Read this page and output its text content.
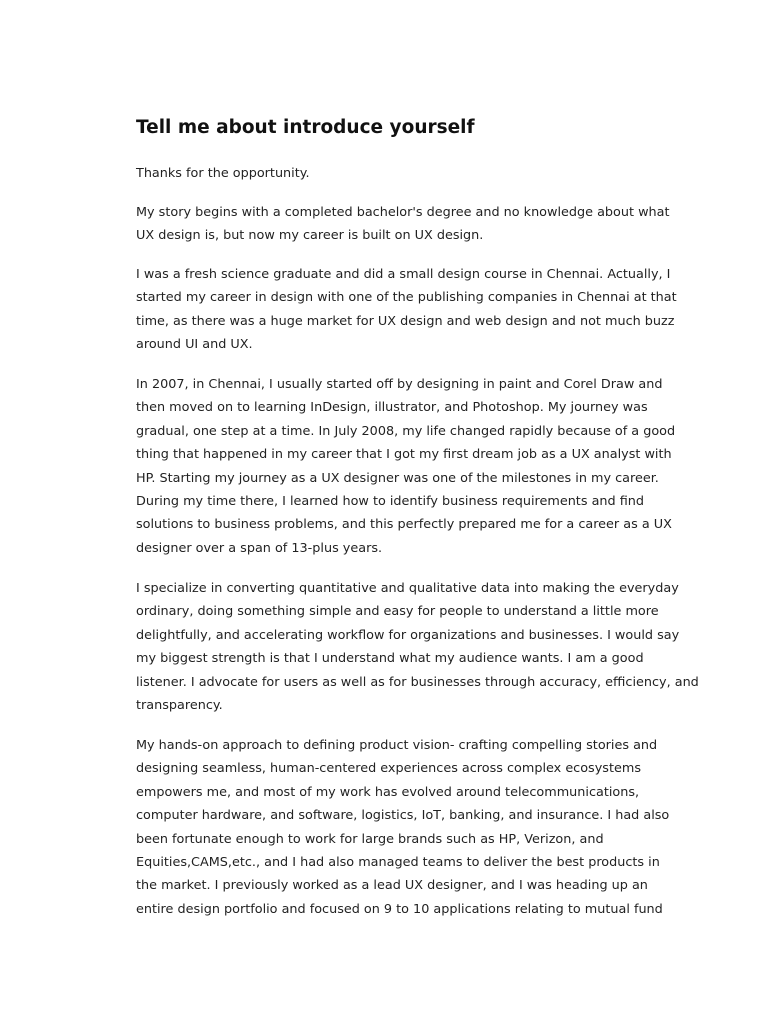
Tell me about introduce yourself

Thanks for the opportunity.

My story begins with a completed bachelor's degree and no knowledge about what
UX design is, but now my career is built on UX design.

I was a fresh science graduate and did a small design course in Chennai. Actually, I
started my career in design with one of the publishing companies in Chennai at that
time, as there was a huge market for UX design and web design and not much buzz
around UI and UX.

In 2007, in Chennai, I usually started off by designing in paint and Corel Draw and
then moved on to learning InDesign, illustrator, and Photoshop. My journey was
gradual, one step at a time. In July 2008, my life changed rapidly because of a good
thing that happened in my career that I got my first dream job as a UX analyst with
HP. Starting my journey as a UX designer was one of the milestones in my career.
During my time there, I learned how to identify business requirements and find
solutions to business problems, and this perfectly prepared me for a career as a UX
designer over a span of 13-plus years.

I specialize in converting quantitative and qualitative data into making the everyday
ordinary, doing something simple and easy for people to understand a little more
delightfully, and accelerating workflow for organizations and businesses. I would say
my biggest strength is that I understand what my audience wants. I am a good
listener. I advocate for users as well as for businesses through accuracy, efficiency, and
transparency.

My hands-on approach to defining product vision- crafting compelling stories and
designing seamless, human-centered experiences across complex ecosystems
empowers me, and most of my work has evolved around telecommunications,
computer hardware, and software, logistics, IoT, banking, and insurance. I had also
been fortunate enough to work for large brands such as HP, Verizon, and
Equities,CAMS,etc., and I had also managed teams to deliver the best products in
the market. I previously worked as a lead UX designer, and I was heading up an
entire design portfolio and focused on 9 to 10 applications relating to mutual fund
